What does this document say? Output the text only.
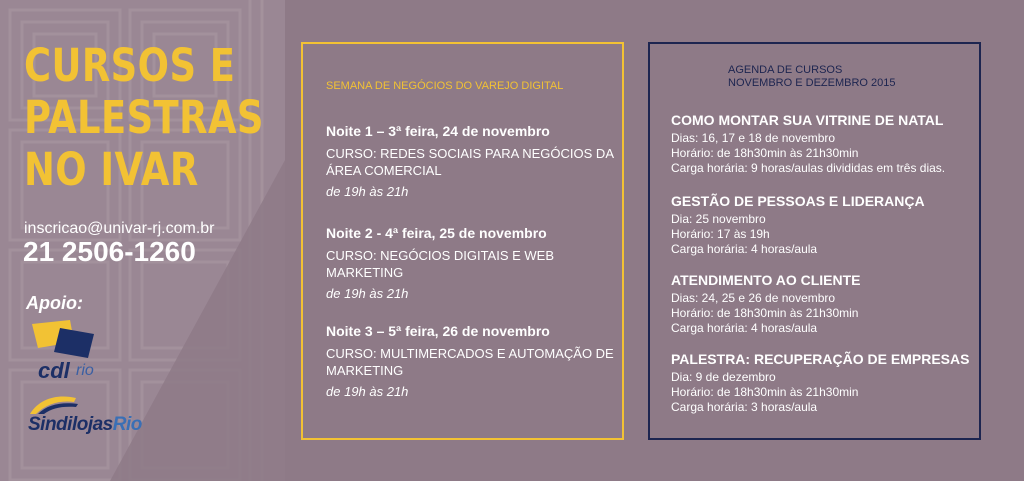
CURSOS E
PALESTRAS
NO IVAR
inscricao@univar-rj.com.br
21 2506-1260
Apoio:
cdl rio
SindilojasRio
SEMANA DE NEGÓCIOS DO VAREJO DIGITAL

Noite 1 – 3ª feira, 24 de novembro

CURSO: REDES SOCIAIS PARA NEGÓCIOS DA ÁREA COMERCIAL

de 19h às 21h

Noite 2 - 4ª feira, 25 de novembro

CURSO: NEGÓCIOS DIGITAIS E WEB MARKETING

de 19h às 21h

Noite 3 – 5ª feira, 26 de novembro

CURSO: MULTIMERCADOS E AUTOMAÇÃO DE MARKETING

de 19h às 21h
AGENDA DE CURSOS
NOVEMBRO E DEZEMBRO 2015

COMO MONTAR SUA VITRINE DE NATAL

Dias: 16, 17 e 18 de novembro
Horário: de 18h30min às 21h30min
Carga horária: 9 horas/aulas divididas em três dias.

GESTÃO DE PESSOAS E LIDERANÇA

Dia: 25 novembro
Horário: 17 às 19h
Carga horária: 4 horas/aula

ATENDIMENTO AO CLIENTE

Dias: 24, 25 e 26 de novembro
Horário: de 18h30min às 21h30min
Carga horária: 4 horas/aula

PALESTRA: RECUPERAÇÃO DE EMPRESAS

Dia: 9 de dezembro
Horário: de 18h30min às 21h30min
Carga horária: 3 horas/aula
